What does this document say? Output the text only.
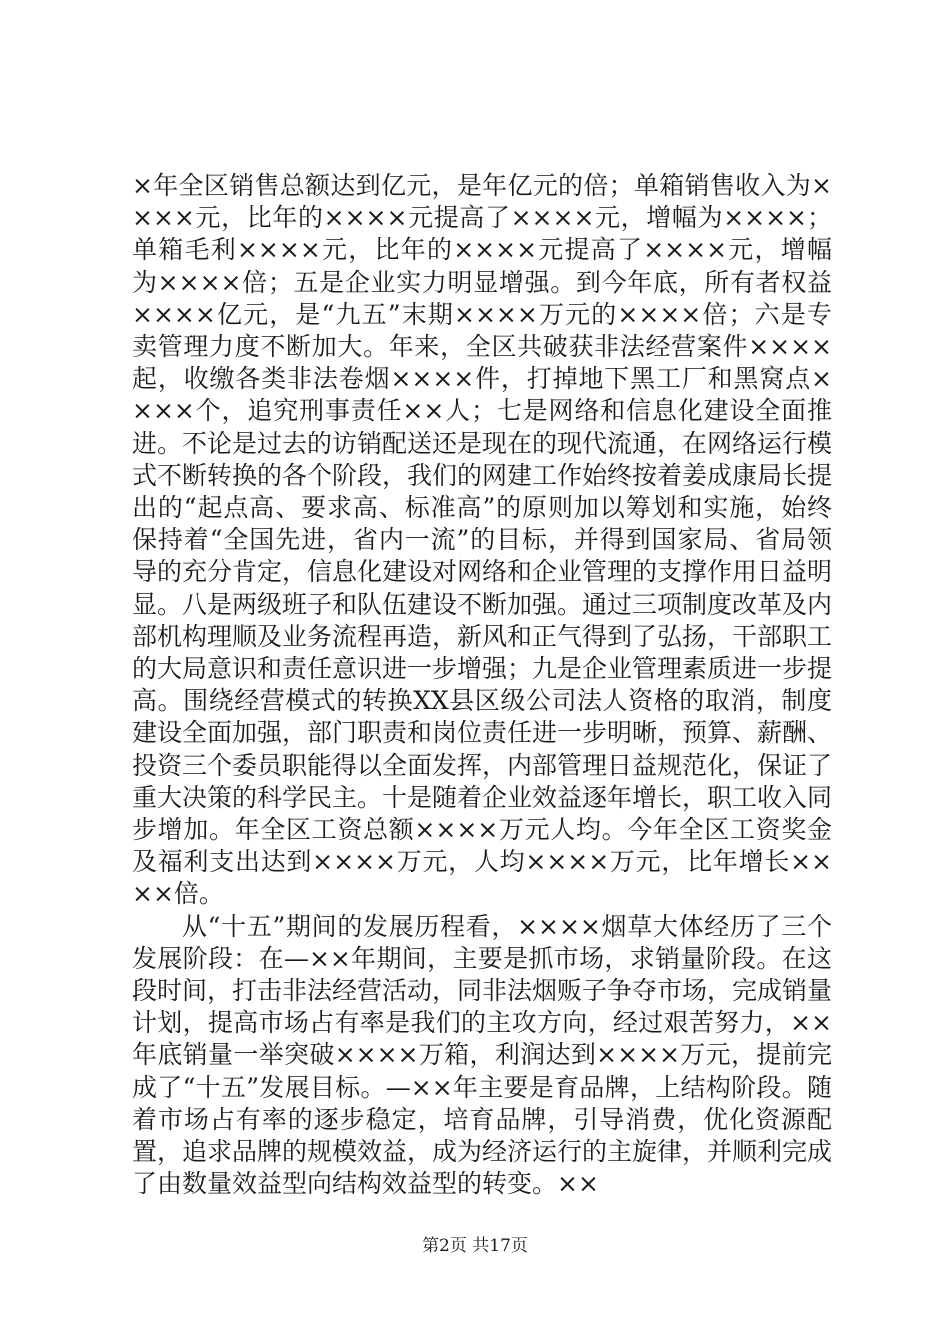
×年全区销售总额达到亿元，是年亿元的倍；单箱销售收入为××××元，比年的××××元提高了××××元，增幅为××××；单箱毛利××××元，比年的××××元提高了××××元，增幅为××××倍；五是企业实力明显增强。到今年底，所有者权益××××亿元，是“九五”末期××××万元的××××倍；六是专卖管理力度不断加大。年来，全区共破获非法经营案件××××起，收缴各类非法卷烟××××件，打掉地下黑工厂和黑窝点××××个，追究刑事责任××人；七是网络和信息化建设全面推进。不论是过去的访销配送还是现在的现代流通，在网络运行模式不断转换的各个阶段，我们的网建工作始终按着姜成康局长提出的“起点高、要求高、标准高”的原则加以筹划和实施，始终保持着“全国先进，省内一流”的目标，并得到国家局、省局领导的充分肯定，信息化建设对网络和企业管理的支撑作用日益明显。八是两级班子和队伍建设不断加强。通过三项制度改革及内部机构理顺及业务流程再造，新风和正气得到了弘扬，干部职工的大局意识和责任意识进一步增强；九是企业管理素质进一步提高。围绕经营模式的转换XX县区级公司法人资格的取消，制度建设全面加强，部门职责和岗位责任进一步明晰，预算、薪酬、投资三个委员职能得以全面发挥，内部管理日益规范化，保证了重大决策的科学民主。十是随着企业效益逐年增长，职工收入同步增加。年全区工资总额××××万元人均。今年全区工资奖金及福利支出达到××××万元，人均××××万元，比年增长××××倍。

从“十五”期间的发展历程看，××××烟草大体经历了三个发展阶段：在—××年期间，主要是抓市场，求销量阶段。在这段时间，打击非法经营活动，同非法烟贩子争夺市场，完成销量计划，提高市场占有率是我们的主攻方向，经过艰苦努力，××年底销量一举突破××××万箱，利润达到××××万元，提前完成了“十五”发展目标。—××年主要是育品牌，上结构阶段。随着市场占有率的逐步稳定，培育品牌，引导消费，优化资源配置，追求品牌的规模效益，成为经济运行的主旋律，并顺利完成了由数量效益型向结构效益型的转变。××

第2页 共17页
